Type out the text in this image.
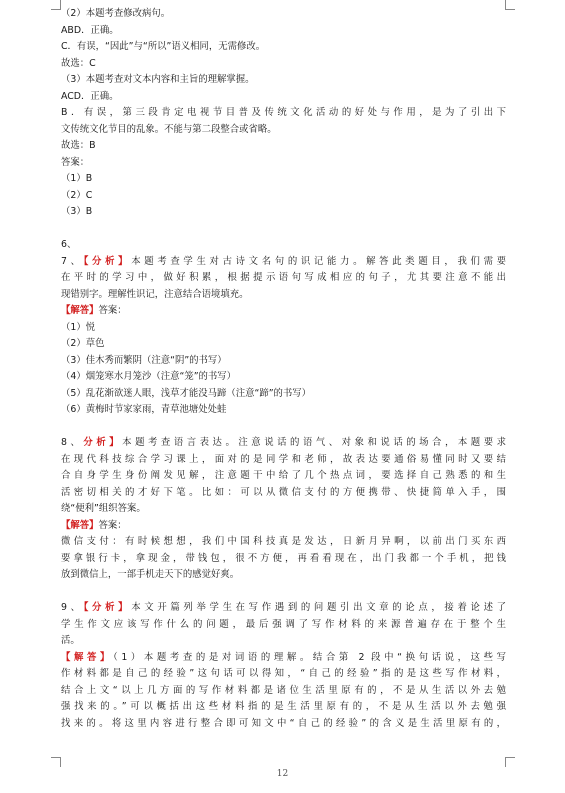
（2）本题考查修改病句。
ABD．正确。
C．有误，“因此”与“所以”语义相同，无需修改。
故选：C
（3）本题考查对文本内容和主旨的理解掌握。
ACD．正确。
B．有误，第三段肯定电视节目普及传统文化活动的好处与作用，是为了引出下
文传统文化节目的乱象。不能与第二段整合或省略。
故选：B
答案：
（1）B
（2）C
（3）B
6、
7、【分析】本题考查学生对古诗文名句的识记能力。解答此类题目，我们需要
在平时的学习中，做好积累，根据提示语句写成相应的句子，尤其要注意不能出
现错别字。理解性识记，注意结合语境填充。
【解答】答案：
（1）悦
（2）草色
（3）佳木秀而繁阴（注意“阴”的书写）
（4）烟笼寒水月笼沙（注意“笼”的书写）
（5）乱花渐欲迷人眼，浅草才能没马蹄（注意“蹄”的书写）
（6）黄梅时节家家雨，青草池塘处处蛙
8、分析】本题考查语言表达。注意说话的语气、对象和说话的场合，本题要求
在现代科技综合学习课上，面对的是同学和老师，故表达要通俗易懂同时又要结
合自身学生身份阐发见解，注意题干中给了几个热点词，要选择自己熟悉的和生
活密切相关的才好下笔。比如：可以从微信支付的方便携带、快捷简单入手，围
绕“便利”组织答案。
【解答】答案：
微信支付：有时候想想，我们中国科技真是发达，日新月异啊，以前出门买东西
要拿银行卡，拿现金，带钱包，很不方便，再看看现在，出门我都一个手机，把钱
放到微信上，一部手机走天下的感觉好爽。
9、【分析】本文开篇列举学生在写作遇到的问题引出文章的论点，接着论述了
学生作文应该写作什么的问题，最后强调了写作材料的来源普遍存在于整个生
活。
【解答】（1）本题考查的是对词语的理解。结合第 2 段中“换句话说，这些写
作材料都是自己的经验”这句话可以得知，“自己的经验”指的是这些写作材料，
结合上文“以上几方面的写作材料都是诸位生活里原有的，不是从生活以外去勉
强找来的。”可以概括出这些材料指的是生活里原有的，不是从生活以外去勉强
找来的。将这里内容进行整合即可知文中“自己的经验”的含义是生活里原有的，
12
